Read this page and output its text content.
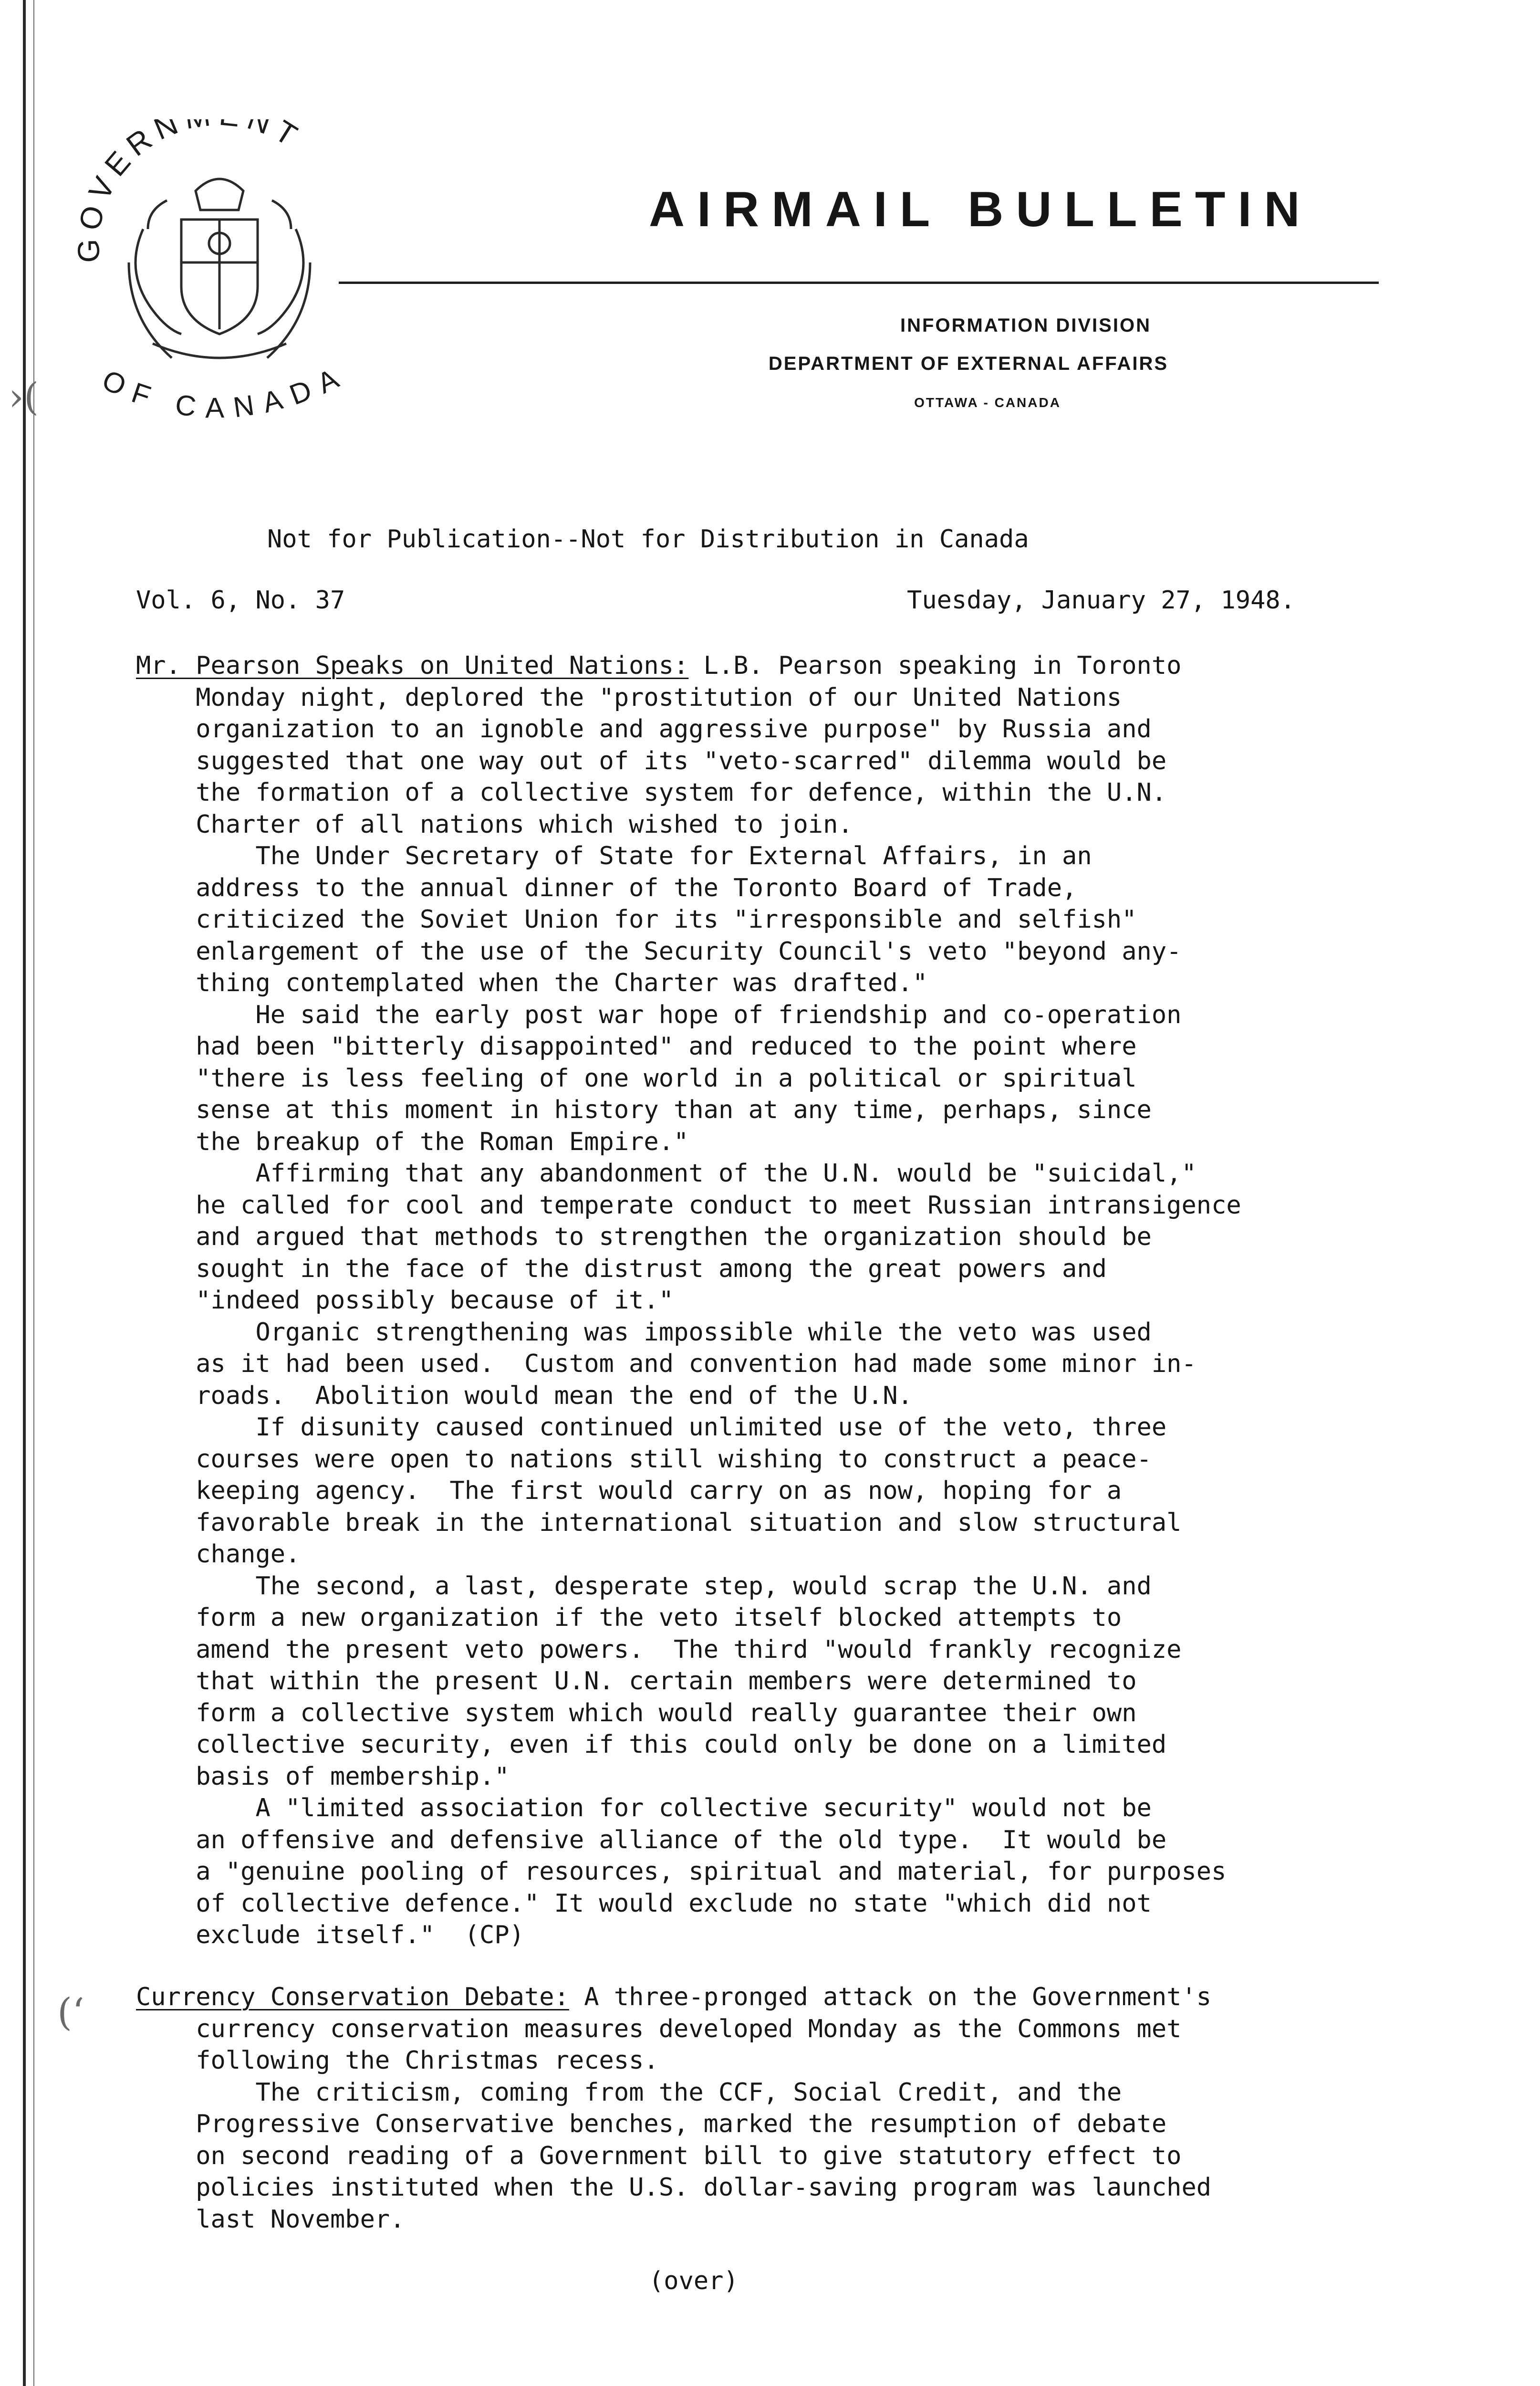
GOVERN NT
OF CANADA
AIRMAIL BULLETIN
INFORMATION DIVISION
DEPARTMENT OF EXTERNAL AFFAIRS
OTTAWA - CANADA
›(
Not for Publication--Not for Distribution in Canada
Vol. 6, No. 37	Tuesday, January 27, 1948.
Mr. Pearson Speaks on United Nations: L.B. Pearson speaking in Toronto
Monday night, deplored the "prostitution of our United Nations
organization to an ignoble and aggressive purpose" by Russia and
suggested that one way out of its "veto-scarred" dilemma would be
the formation of a collective system for defence, within the U.N.
Charter of all nations which wished to join.
The Under Secretary of State for External Affairs, in an
address to the annual dinner of the Toronto Board of Trade,
criticized the Soviet Union for its "irresponsible and selfish"
enlargement of the use of the Security Council's veto "beyond any-
thing contemplated when the Charter was drafted."
He said the early post war hope of friendship and co-operation
had been "bitterly disappointed" and reduced to the point where
"there is less feeling of one world in a political or spiritual
sense at this moment in history than at any time, perhaps, since
the breakup of the Roman Empire."
Affirming that any abandonment of the U.N. would be "suicidal,"
he called for cool and temperate conduct to meet Russian intransigence
and argued that methods to strengthen the organization should be
sought in the face of the distrust among the great powers and
"indeed possibly because of it."
Organic strengthening was impossible while the veto was used
as it had been used.  Custom and convention had made some minor in-
roads.  Abolition would mean the end of the U.N.
If disunity caused continued unlimited use of the veto, three
courses were open to nations still wishing to construct a peace-
keeping agency.  The first would carry on as now, hoping for a
favorable break in the international situation and slow structural
change.
The second, a last, desperate step, would scrap the U.N. and
form a new organization if the veto itself blocked attempts to
amend the present veto powers.  The third "would frankly recognize
that within the present U.N. certain members were determined to
form a collective system which would really guarantee their own
collective security, even if this could only be done on a limited
basis of membership."
A "limited association for collective security" would not be
an offensive and defensive alliance of the old type.  It would be
a "genuine pooling of resources, spiritual and material, for purposes
of collective defence." It would exclude no state "which did not
exclude itself."  (CP)
(‘ Currency Conservation Debate: A three-pronged attack on the Government's
currency conservation measures developed Monday as the Commons met
following the Christmas recess.
The criticism, coming from the CCF, Social Credit, and the
Progressive Conservative benches, marked the resumption of debate
on second reading of a Government bill to give statutory effect to
policies instituted when the U.S. dollar-saving program was launched
last November.
(over)
